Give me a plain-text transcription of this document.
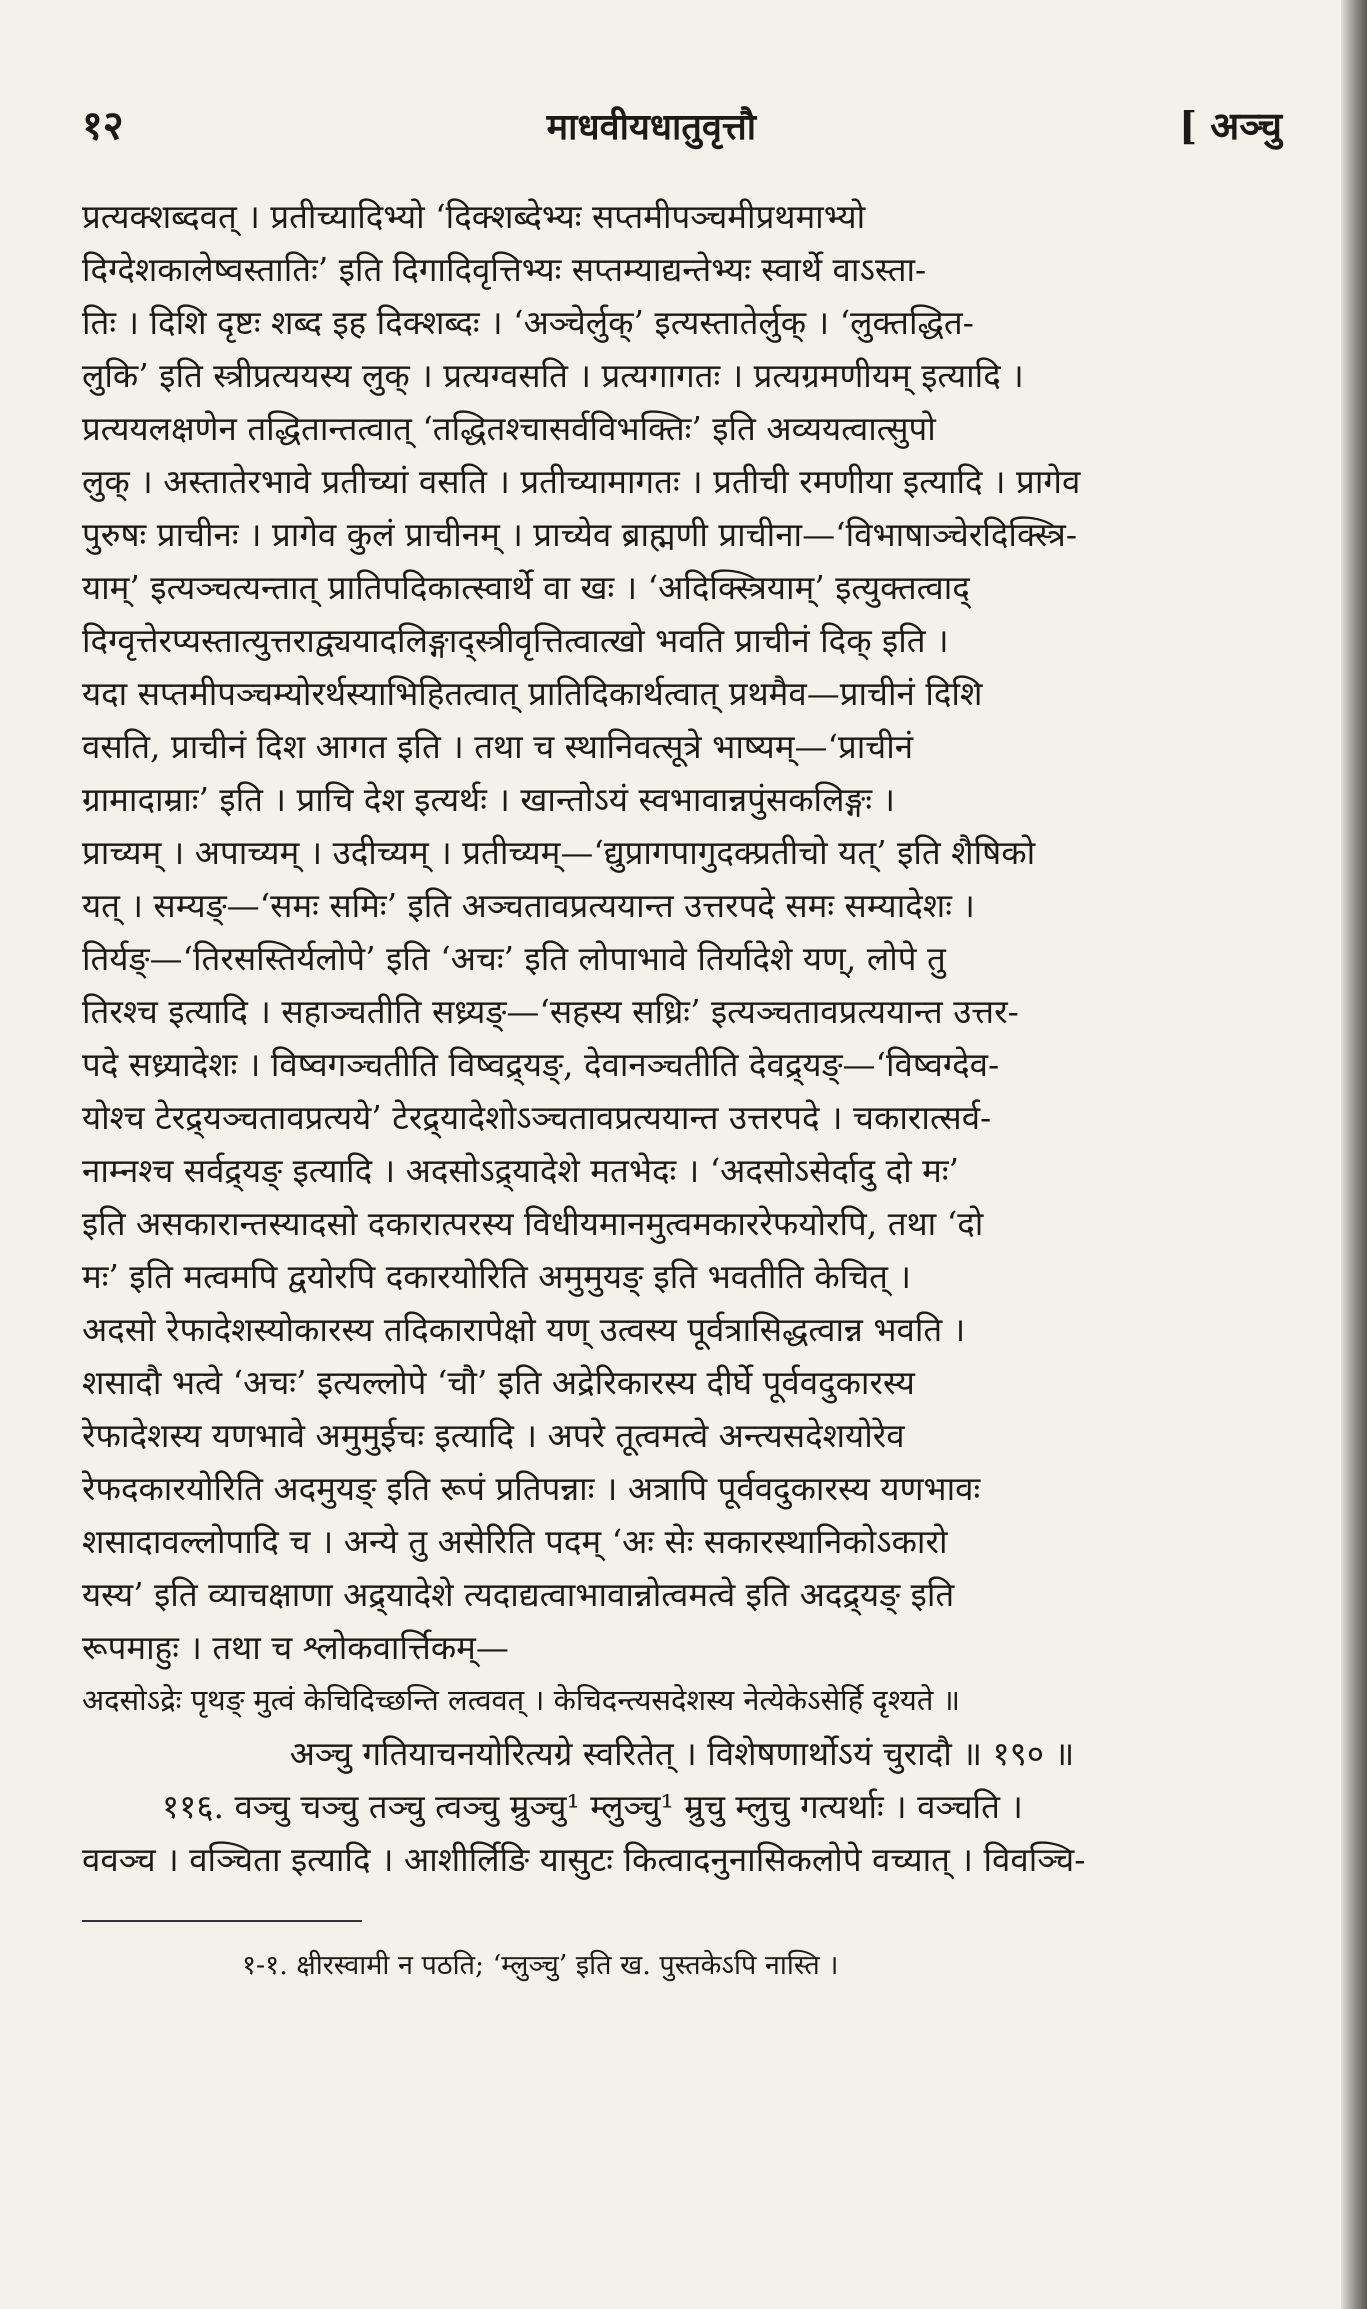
१२	माधवीयधातुवृत्तौ	[ अञ्चु
प्रत्यक्शब्दवत् । प्रतीच्यादिभ्यो ‘दिक्शब्देभ्यः सप्तमीपञ्चमीप्रथमाभ्यो
दिग्देशकालेष्वस्तातिः’ इति दिगादिवृत्तिभ्यः सप्तम्याद्यन्तेभ्यः स्वार्थे वाऽस्ता-
तिः । दिशि दृष्टः शब्द इह दिक्शब्दः । ‘अञ्चेर्लुक्’ इत्यस्तातेर्लुक् । ‘लुक्तद्धित-
लुकि’ इति स्त्रीप्रत्ययस्य लुक् । प्रत्यग्वसति । प्रत्यगागतः । प्रत्यग्रमणीयम् इत्यादि ।
प्रत्ययलक्षणेन तद्धितान्तत्वात् ‘तद्धितश्चासर्वविभक्तिः’ इति अव्ययत्वात्सुपो
लुक् । अस्तातेरभावे प्रतीच्यां वसति । प्रतीच्यामागतः । प्रतीची रमणीया इत्यादि । प्रागेव
पुरुषः प्राचीनः । प्रागेव कुलं प्राचीनम् । प्राच्येव ब्राह्मणी प्राचीना—‘विभाषाञ्चेरदिक्स्त्रि-
याम्’ इत्यञ्चत्यन्तात् प्रातिपदिकात्स्वार्थे वा खः । ‘अदिक्स्त्रियाम्’ इत्युक्तत्वाद्
दिग्वृत्तेरप्यस्तात्युत्तराद्व्ययादलिङ्गाद्स्त्रीवृत्तित्वात्खो भवति प्राचीनं दिक् इति ।
यदा सप्तमीपञ्चम्योरर्थस्याभिहितत्वात् प्रातिदिकार्थत्वात् प्रथमैव—प्राचीनं दिशि
वसति, प्राचीनं दिश आगत इति । तथा च स्थानिवत्सूत्रे भाष्यम्—‘प्राचीनं
ग्रामादाम्राः’ इति । प्राचि देश इत्यर्थः । खान्तोऽयं स्वभावान्नपुंसकलिङ्गः ।
प्राच्यम् । अपाच्यम् । उदीच्यम् । प्रतीच्यम्—‘द्युप्रागपागुदक्प्रतीचो यत्’ इति शैषिको
यत् । सम्यङ्—‘समः समिः’ इति अञ्चतावप्रत्ययान्त उत्तरपदे समः सम्यादेशः ।
तिर्यङ्—‘तिरसस्तिर्यलोपे’ इति ‘अचः’ इति लोपाभावे तिर्यादेशे यण्, लोपे तु
तिरश्च इत्यादि । सहाञ्चतीति सध्र्यङ्—‘सहस्य सध्रिः’ इत्यञ्चतावप्रत्ययान्त उत्तर-
पदे सध्र्यादेशः । विष्वगञ्चतीति विष्वद्र्यङ्, देवानञ्चतीति देवद्र्यङ्—‘विष्वग्देव-
योश्च टेरद्र्यञ्चतावप्रत्यये’ टेरद्र्यादेशोऽञ्चतावप्रत्ययान्त उत्तरपदे । चकारात्सर्व-
नाम्नश्च सर्वद्र्यङ् इत्यादि । अदसोऽद्र्यादेशे मतभेदः । ‘अदसोऽसेर्दादु दो मः’
इति असकारान्तस्यादसो दकारात्परस्य विधीयमानमुत्वमकाररेफयोरपि, तथा ‘दो
मः’ इति मत्वमपि द्वयोरपि दकारयोरिति अमुमुयङ् इति भवतीति केचित् ।
अदसो रेफादेशस्योकारस्य तदिकारापेक्षो यण् उत्वस्य पूर्वत्रासिद्धत्वान्न भवति ।
शसादौ भत्वे ‘अचः’ इत्यल्लोपे ‘चौ’ इति अद्रेरिकारस्य दीर्घे पूर्ववदुकारस्य
रेफादेशस्य यणभावे अमुमुईचः इत्यादि । अपरे तूत्वमत्वे अन्त्यसदेशयोरेव
रेफदकारयोरिति अदमुयङ् इति रूपं प्रतिपन्नाः । अत्रापि पूर्ववदुकारस्य यणभावः
शसादावल्लोपादि च । अन्ये तु असेरिति पदम् ‘अः सेः सकारस्थानिकोऽकारो
यस्य’ इति व्याचक्षाणा अद्र्यादेशे त्यदाद्यत्वाभावान्नोत्वमत्वे इति अदद्र्यङ् इति
रूपमाहुः । तथा च श्लोकवार्त्तिकम्—
अदसोऽद्रेः पृथङ् मुत्वं केचिदिच्छन्ति लत्ववत् । केचिदन्त्यसदेशस्य नेत्येकेऽसेर्हि दृश्यते ॥
अञ्चु गतियाचनयोरित्यग्रे स्वरितेत् । विशेषणार्थोऽयं चुरादौ ॥ १९० ॥
११६. वञ्चु चञ्चु तञ्चु त्वञ्चु म्रुञ्चु¹ म्लुञ्चु¹ म्रुचु म्लुचु गत्यर्थाः । वञ्चति ।
ववञ्च । वञ्चिता इत्यादि । आशीर्लिङि यासुटः कित्वादनुनासिकलोपे वच्यात् । विवञ्चि-
१-१. क्षीरस्वामी न पठति; ‘म्लुञ्चु’ इति ख. पुस्तकेऽपि नास्ति ।
